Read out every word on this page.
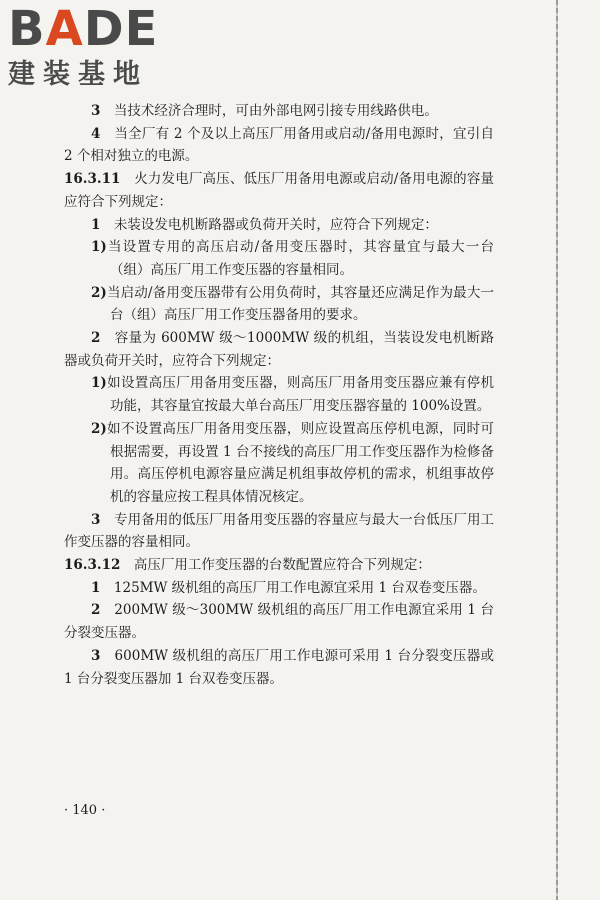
BADE
建装基地

3　 当技术经济合理时，可由外部电网引接专用线路供电。

4　 当全厂有 2 个及以上高压厂用备用或启动/备用电源时，宜引自 2 个相对独立的电源。

16.3.11　 火力发电厂高压、低压厂用备用电源或启动/备用电源的容量应符合下列规定：

1　 未装设发电机断路器或负荷开关时，应符合下列规定：

1)当设置专用的高压启动/备用变压器时，其容量宜与最大一台（组）高压厂用工作变压器的容量相同。

2)当启动/备用变压器带有公用负荷时，其容量还应满足作为最大一台（组）高压厂用工作变压器备用的要求。

2　 容量为 600MW 级～1000MW 级的机组，当装设发电机断路器或负荷开关时，应符合下列规定：

1)如设置高压厂用备用变压器，则高压厂用备用变压器应兼有停机功能，其容量宜按最大单台高压厂用变压器容量的 100%设置。

2)如不设置高压厂用备用变压器，则应设置高压停机电源，同时可根据需要，再设置 1 台不接线的高压厂用工作变压器作为检修备用。高压停机电源容量应满足机组事故停机的需求，机组事故停机的容量应按工程具体情况核定。

3　 专用备用的低压厂用备用变压器的容量应与最大一台低压厂用工作变压器的容量相同。

16.3.12　 高压厂用工作变压器的台数配置应符合下列规定：

1　 125MW 级机组的高压厂用工作电源宜采用 1 台双卷变压器。

2　 200MW 级～300MW 级机组的高压厂用工作电源宜采用 1 台分裂变压器。

3　 600MW 级机组的高压厂用工作电源可采用 1 台分裂变压器或 1 台分裂变压器加 1 台双卷变压器。

· 140 ·
